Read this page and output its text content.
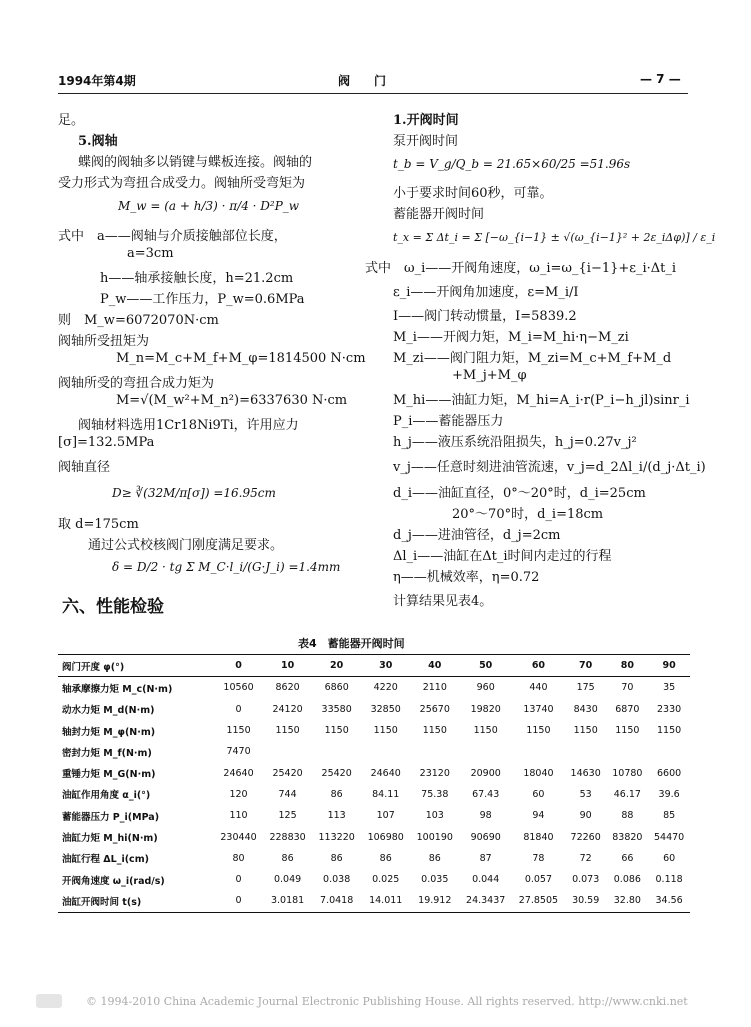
1994年第4期	阀　　门	— 7 —
足。
5.阀轴
蝶阀的阀轴多以销键与蝶板连接。阀轴的
受力形式为弯扭合成受力。阀轴所受弯矩为
M_w = (a + h/3) · π/4 · D²P_w
式中　a——阀轴与介质接触部位长度，
a=3cm
h——轴承接触长度，h=21.2cm
P_w——工作压力，P_w=0.6MPa
则　M_w=6072070N·cm
阀轴所受扭矩为
M_n=M_c+M_f+M_φ=1814500 N·cm
阀轴所受的弯扭合成力矩为
M=√(M_w²+M_n²)=6337630 N·cm
阀轴材料选用1Cr18Ni9Ti，许用应力
[σ]=132.5MPa
阀轴直径
D≥ ∛(32M/π[σ]) =16.95cm
取 d=175cm
通过公式校核阀门刚度满足要求。
δ = D/2 · tg Σ M_C·l_i/(G·J_i) =1.4mm
六、性能检验
1.开阀时间
泵开阀时间
t_b = V_g/Q_b = 21.65×60/25 =51.96s
小于要求时间60秒，可靠。
蓄能器开阀时间
t_x = Σ Δt_i = Σ [−ω_{i−1} ± √(ω_{i−1}² + 2ε_iΔφ)] / ε_i
式中　ω_i——开阀角速度，ω_i=ω_{i−1}+ε_i·Δt_i
ε_i——开阀角加速度，ε=M_i/I
I——阀门转动惯量，I=5839.2
M_i——开阀力矩，M_i=M_hi·η−M_zi
M_zi——阀门阻力矩，M_zi=M_c+M_f+M_d
+M_j+M_φ
M_hi——油缸力矩，M_hi=A_i·r(P_i−h_jl)sinr_i
P_i——蓄能器压力
h_j——液压系统沿阻损失，h_j=0.27v_j²
v_j——任意时刻进油管流速，v_j=d_2Δl_i/(d_j·Δt_i)
d_i——油缸直径，0°～20°时，d_i=25cm
20°～70°时，d_i=18cm
d_j——进油管径，d_j=2cm
Δl_i——油缸在Δt_i时间内走过的行程
η——机械效率，η=0.72
计算结果见表4。
表4　蓄能器开阀时间
阀门开度 φ(°)	0	10	20	30	40	50	60	70	80	90
轴承摩擦力矩 M_c(N·m)	10560	8620	6860	4220	2110	960	440	175	70	35
动水力矩 M_d(N·m)	0	24120	33580	32850	25670	19820	13740	8430	6870	2330
轴封力矩 M_φ(N·m)	1150	1150	1150	1150	1150	1150	1150	1150	1150	1150
密封力矩 M_f(N·m)	7470									
重锤力矩 M_G(N·m)	24640	25420	25420	24640	23120	20900	18040	14630	10780	6600
油缸作用角度 α_i(°)	120	744	86	84.11	75.38	67.43	60	53	46.17	39.6
蓄能器压力 P_i(MPa)	110	125	113	107	103	98	94	90	88	85
油缸力矩 M_hi(N·m)	230440	228830	113220	106980	100190	90690	81840	72260	83820	54470
油缸行程 ΔL_i(cm)	80	86	86	86	86	87	78	72	66	60
开阀角速度 ω_i(rad/s)	0	0.049	0.038	0.025	0.035	0.044	0.057	0.073	0.086	0.118
油缸开阀时间 t(s)	0	3.0181	7.0418	14.011	19.912	24.3437	27.8505	30.59	32.80	34.56
© 1994-2010 China Academic Journal Electronic Publishing House. All rights reserved. http://www.cnki.net
